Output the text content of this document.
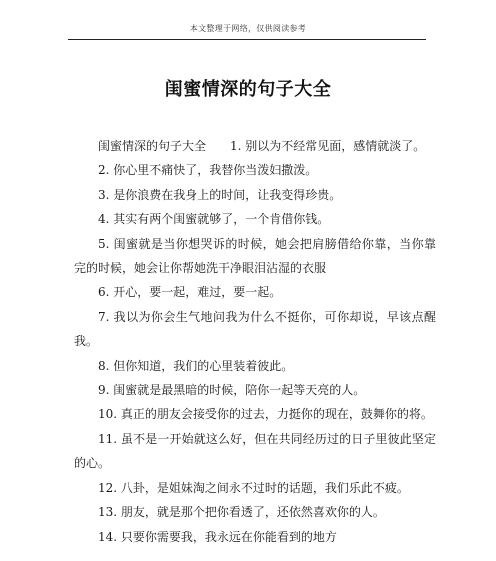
本文整理于网络，仅供阅读参考
闺蜜情深的句子大全

闺蜜情深的句子大全　　1. 别以为不经常见面，感情就淡了。

2. 你心里不痛快了，我替你当泼妇撒泼。

3. 是你浪费在我身上的时间，让我变得珍贵。

4. 其实有两个闺蜜就够了，一个肯借你钱。

5. 闺蜜就是当你想哭诉的时候，她会把肩膀借给你靠，当你靠完的时候，她会让你帮她洗干净眼泪沾湿的衣服

6. 开心，要一起，难过，要一起。

7. 我以为你会生气地问我为什么不挺你，可你却说，早该点醒我。

8. 但你知道，我们的心里装着彼此。

9. 闺蜜就是最黑暗的时候，陪你一起等天亮的人。

10. 真正的朋友会接受你的过去，力挺你的现在，鼓舞你的将。

11. 虽不是一开始就这么好，但在共同经历过的日子里彼此坚定的心。

12. 八卦，是姐妹淘之间永不过时的话题，我们乐此不疲。

13. 朋友，就是那个把你看透了，还依然喜欢你的人。

14. 只要你需要我，我永远在你能看到的地方
